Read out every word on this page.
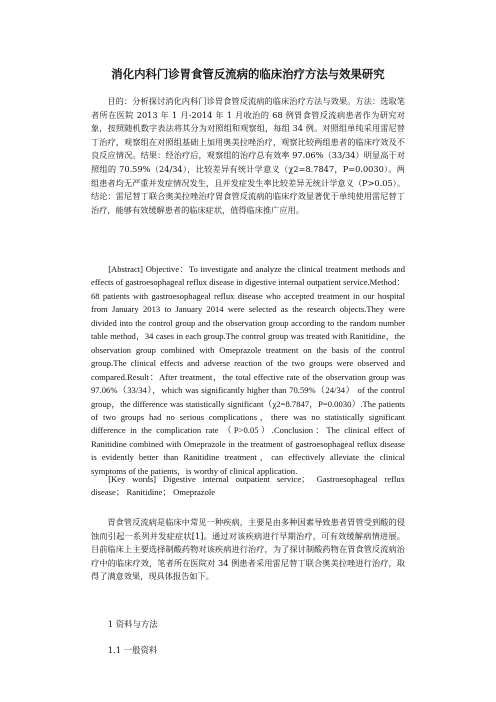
消化内科门诊胃食管反流病的临床治疗方法与效果研究

目的：分析探讨消化内科门诊胃食管反流病的临床治疗方法与效果。方法：选取笔者所在医院 2013 年 1 月-2014 年 1 月收治的 68 例胃食管反流病患者作为研究对象，按照随机数字表法将其分为对照组和观察组，每组 34 例。对照组单纯采用雷尼替丁治疗，观察组在对照组基础上加用奥美拉唑治疗，观察比较两组患者的临床疗效及不良反应情况。结果：经治疗后，观察组的治疗总有效率 97.06%（33/34）明显高于对照组的 70.59%（24/34），比较差异有统计学意义（χ2=8.7847，P=0.0030）。两组患者均无严重并发症情况发生，且并发症发生率比较差异无统计学意义（P>0.05）。结论：雷尼替丁联合奥美拉唑治疗胃食管反流病的临床疗效显著优于单纯使用雷尼替丁治疗，能够有效缓解患者的临床症状，值得临床推广应用。

[Abstract] Objective：To investigate and analyze the clinical treatment methods and effects of gastroesophageal reflux disease in digestive internal outpatient service.Method：68 patients with gastroesophageal reflux disease who accepted treatment in our hospital from January 2013 to January 2014 were selected as the research objects.They were divided into the control group and the observation group according to the random number table method，34 cases in each group.The control group was treated with Ranitidine，the observation group combined with Omeprazole treatment on the basis of the control group.The clinical effects and adverse reaction of the two groups were observed and compared.Result：After treatment，the total effective rate of the observation group was 97.06%（33/34），which was significantly higher than 70.59%（24/34） of the control group，the difference was statistically significant（χ2=8.7847，P=0.0030）.The patients of two groups had no serious complications，there was no statistically significant difference in the complication rate （P>0.05）.Conclusion：The clinical effect of Ranitidine combined with Omeprazole in the treatment of gastroesophageal reflux disease is evidently better than Ranitidine treatment，can effectively alleviate the clinical symptoms of the patients，is worthy of clinical application.

[Key words] Digestive internal outpatient service； Gastroesophageal reflux disease； Ranitidine； Omeprazole

胃食管反流病是临床中常见一种疾病，主要是由多种因素导致患者胃管受到酸的侵蚀而引起一系列并发症症状[1]。通过对该疾病进行早期治疗，可有效缓解病情进展。目前临床上主要选择制酸药物对该疾病进行治疗，为了探讨制酸药物在胃食管反流病治疗中的临床疗效，笔者所在医院对 34 例患者采用雷尼替丁联合奥美拉唑进行治疗，取得了满意效果，现具体报告如下。

1 资料与方法
1.1 一般资料
